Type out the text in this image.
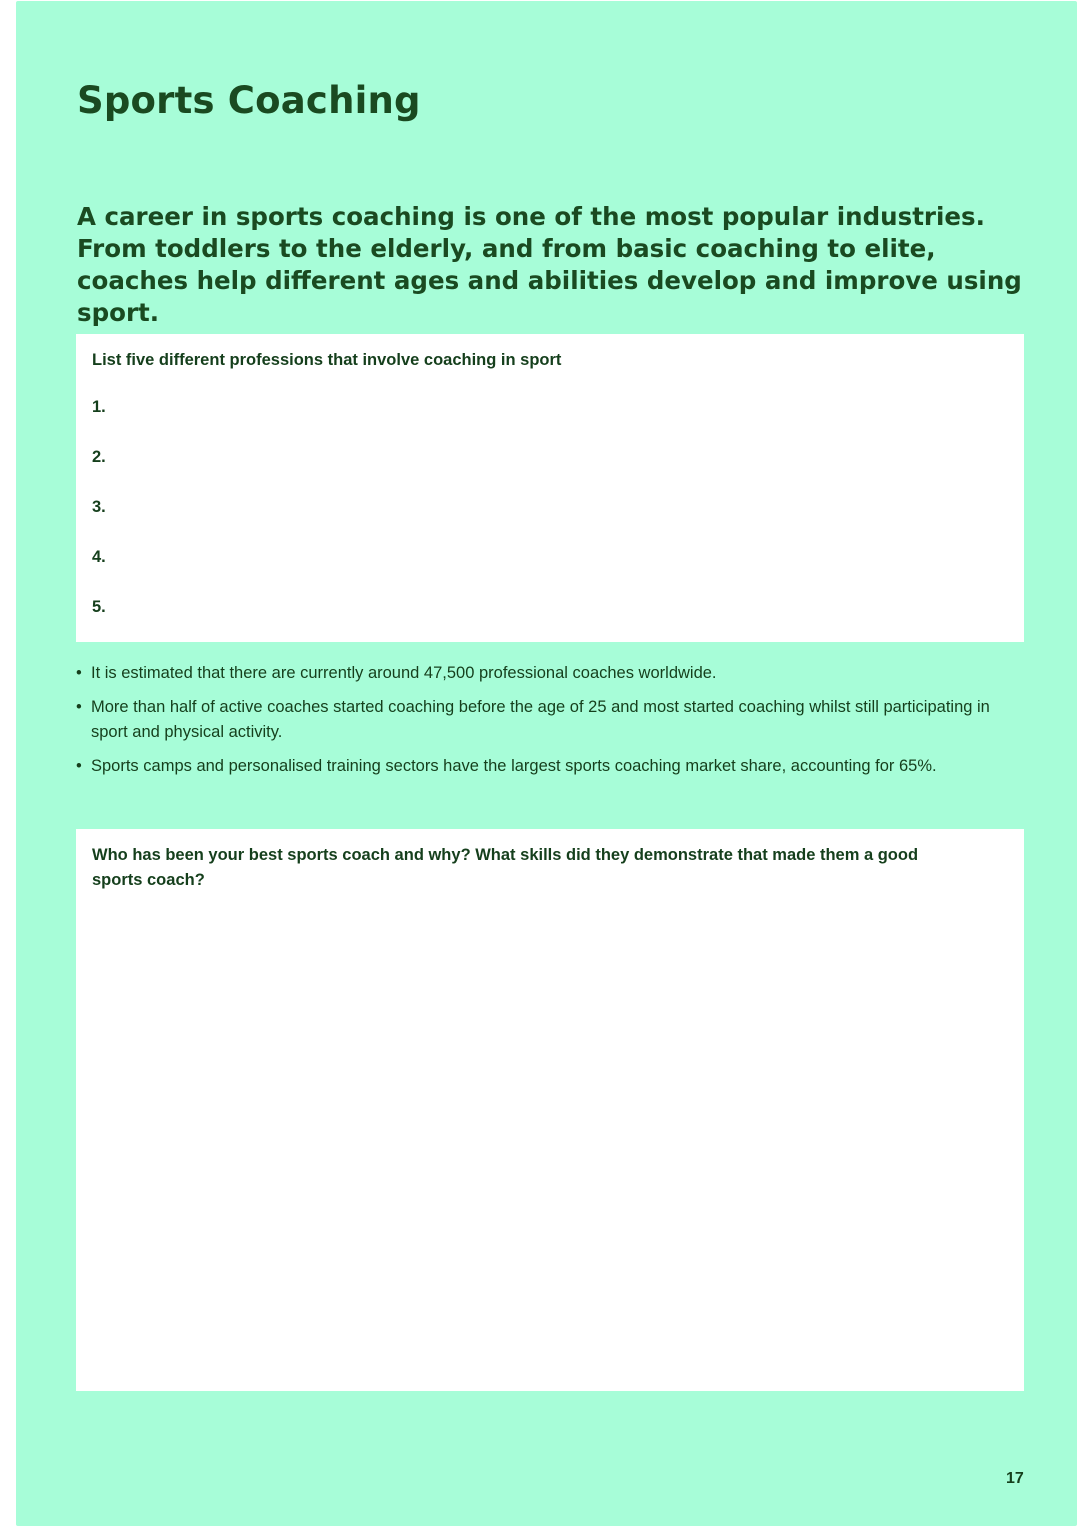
Sports Coaching

A career in sports coaching is one of the most popular industries. From toddlers to the elderly, and from basic coaching to elite, coaches help different ages and abilities develop and improve using sport.

List five different professions that involve coaching in sport

1.
2.
3.
4.
5.
• It is estimated that there are currently around 47,500 professional coaches worldwide.
• More than half of active coaches started coaching before the age of 25 and most started coaching whilst still participating in sport and physical activity.
• Sports camps and personalised training sectors have the largest sports coaching market share, accounting for 65%.

Who has been your best sports coach and why? What skills did they demonstrate that made them a good sports coach?

17
